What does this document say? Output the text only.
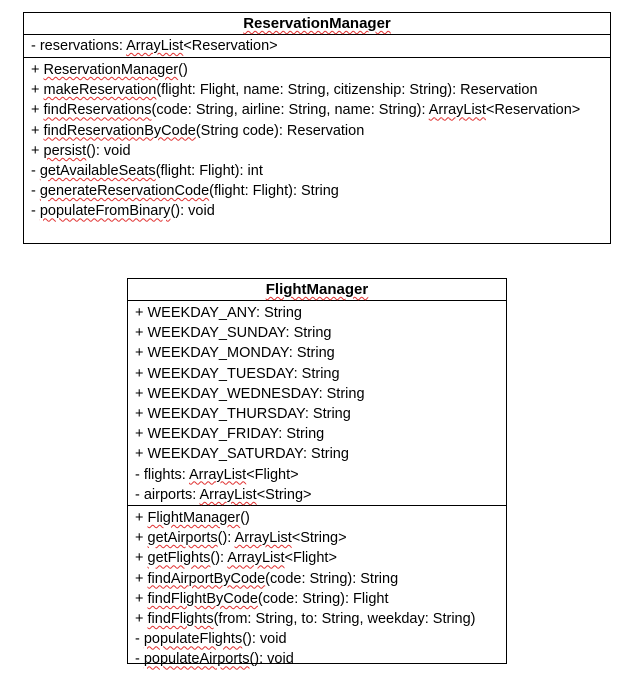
ReservationManager
- reservations: ArrayList<Reservation>
+ ReservationManager()
+ makeReservation(flight: Flight, name: String, citizenship: String): Reservation
+ findReservations(code: String, airline: String, name: String): ArrayList<Reservation>
+ findReservationByCode(String code): Reservation
+ persist(): void
- getAvailableSeats(flight: Flight): int
- generateReservationCode(flight: Flight): String
- populateFromBinary(): void
FlightManager
+ WEEKDAY_ANY: String
+ WEEKDAY_SUNDAY: String
+ WEEKDAY_MONDAY: String
+ WEEKDAY_TUESDAY: String
+ WEEKDAY_WEDNESDAY: String
+ WEEKDAY_THURSDAY: String
+ WEEKDAY_FRIDAY: String
+ WEEKDAY_SATURDAY: String
- flights: ArrayList<Flight>
- airports: ArrayList<String>
+ FlightManager()
+ getAirports(): ArrayList<String>
+ getFlights(): ArrayList<Flight>
+ findAirportByCode(code: String): String
+ findFlightByCode(code: String): Flight
+ findFlights(from: String, to: String, weekday: String)
- populateFlights(): void
- populateAirports(): void
